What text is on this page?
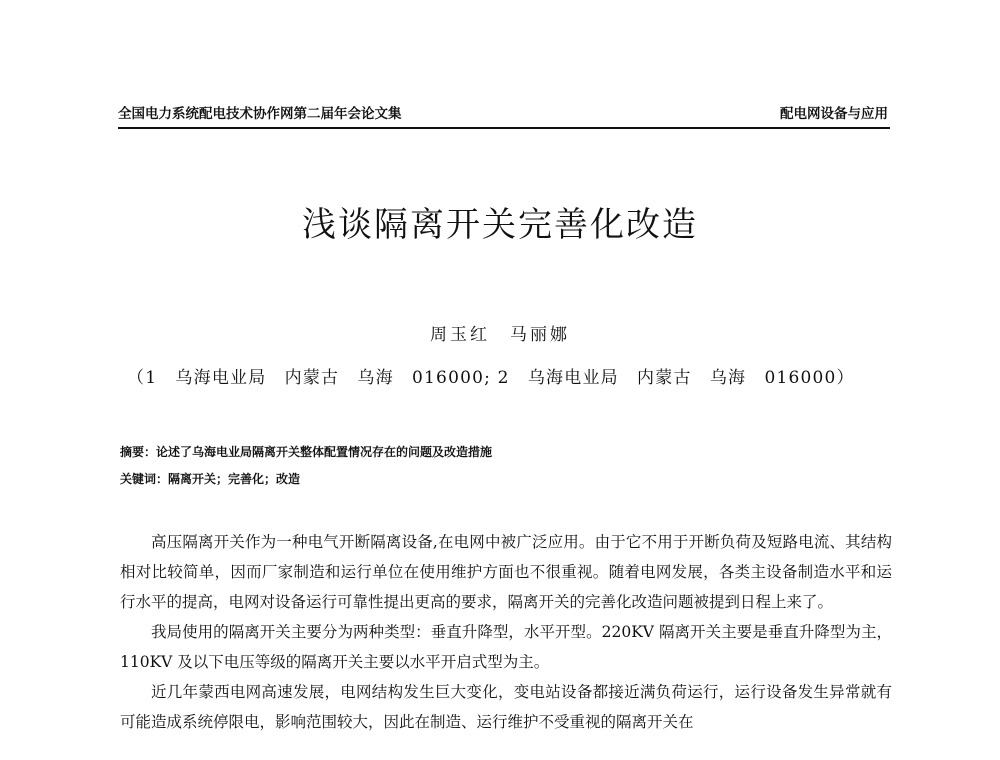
全国电力系统配电技术协作网第二届年会论文集	配电网设备与应用
浅谈隔离开关完善化改造
周玉红　马丽娜
（1　乌海电业局　内蒙古　乌海　016000; 2　乌海电业局　内蒙古　乌海　016000）
摘要：论述了乌海电业局隔离开关整体配置情况存在的问题及改造措施
关键词：隔离开关；完善化；改造

高压隔离开关作为一种电气开断隔离设备,在电网中被广泛应用。由于它不用于开断负荷及短路电流、其结构相对比较简单，因而厂家制造和运行单位在使用维护方面也不很重视。随着电网发展，各类主设备制造水平和运行水平的提高，电网对设备运行可靠性提出更高的要求，隔离开关的完善化改造问题被提到日程上来了。

我局使用的隔离开关主要分为两种类型：垂直升降型，水平开型。220KV 隔离开关主要是垂直升降型为主，110KV 及以下电压等级的隔离开关主要以水平开启式型为主。

近几年蒙西电网高速发展，电网结构发生巨大变化，变电站设备都接近满负荷运行，运行设备发生异常就有可能造成系统停限电，影响范围较大，因此在制造、运行维护不受重视的隔离开关在
